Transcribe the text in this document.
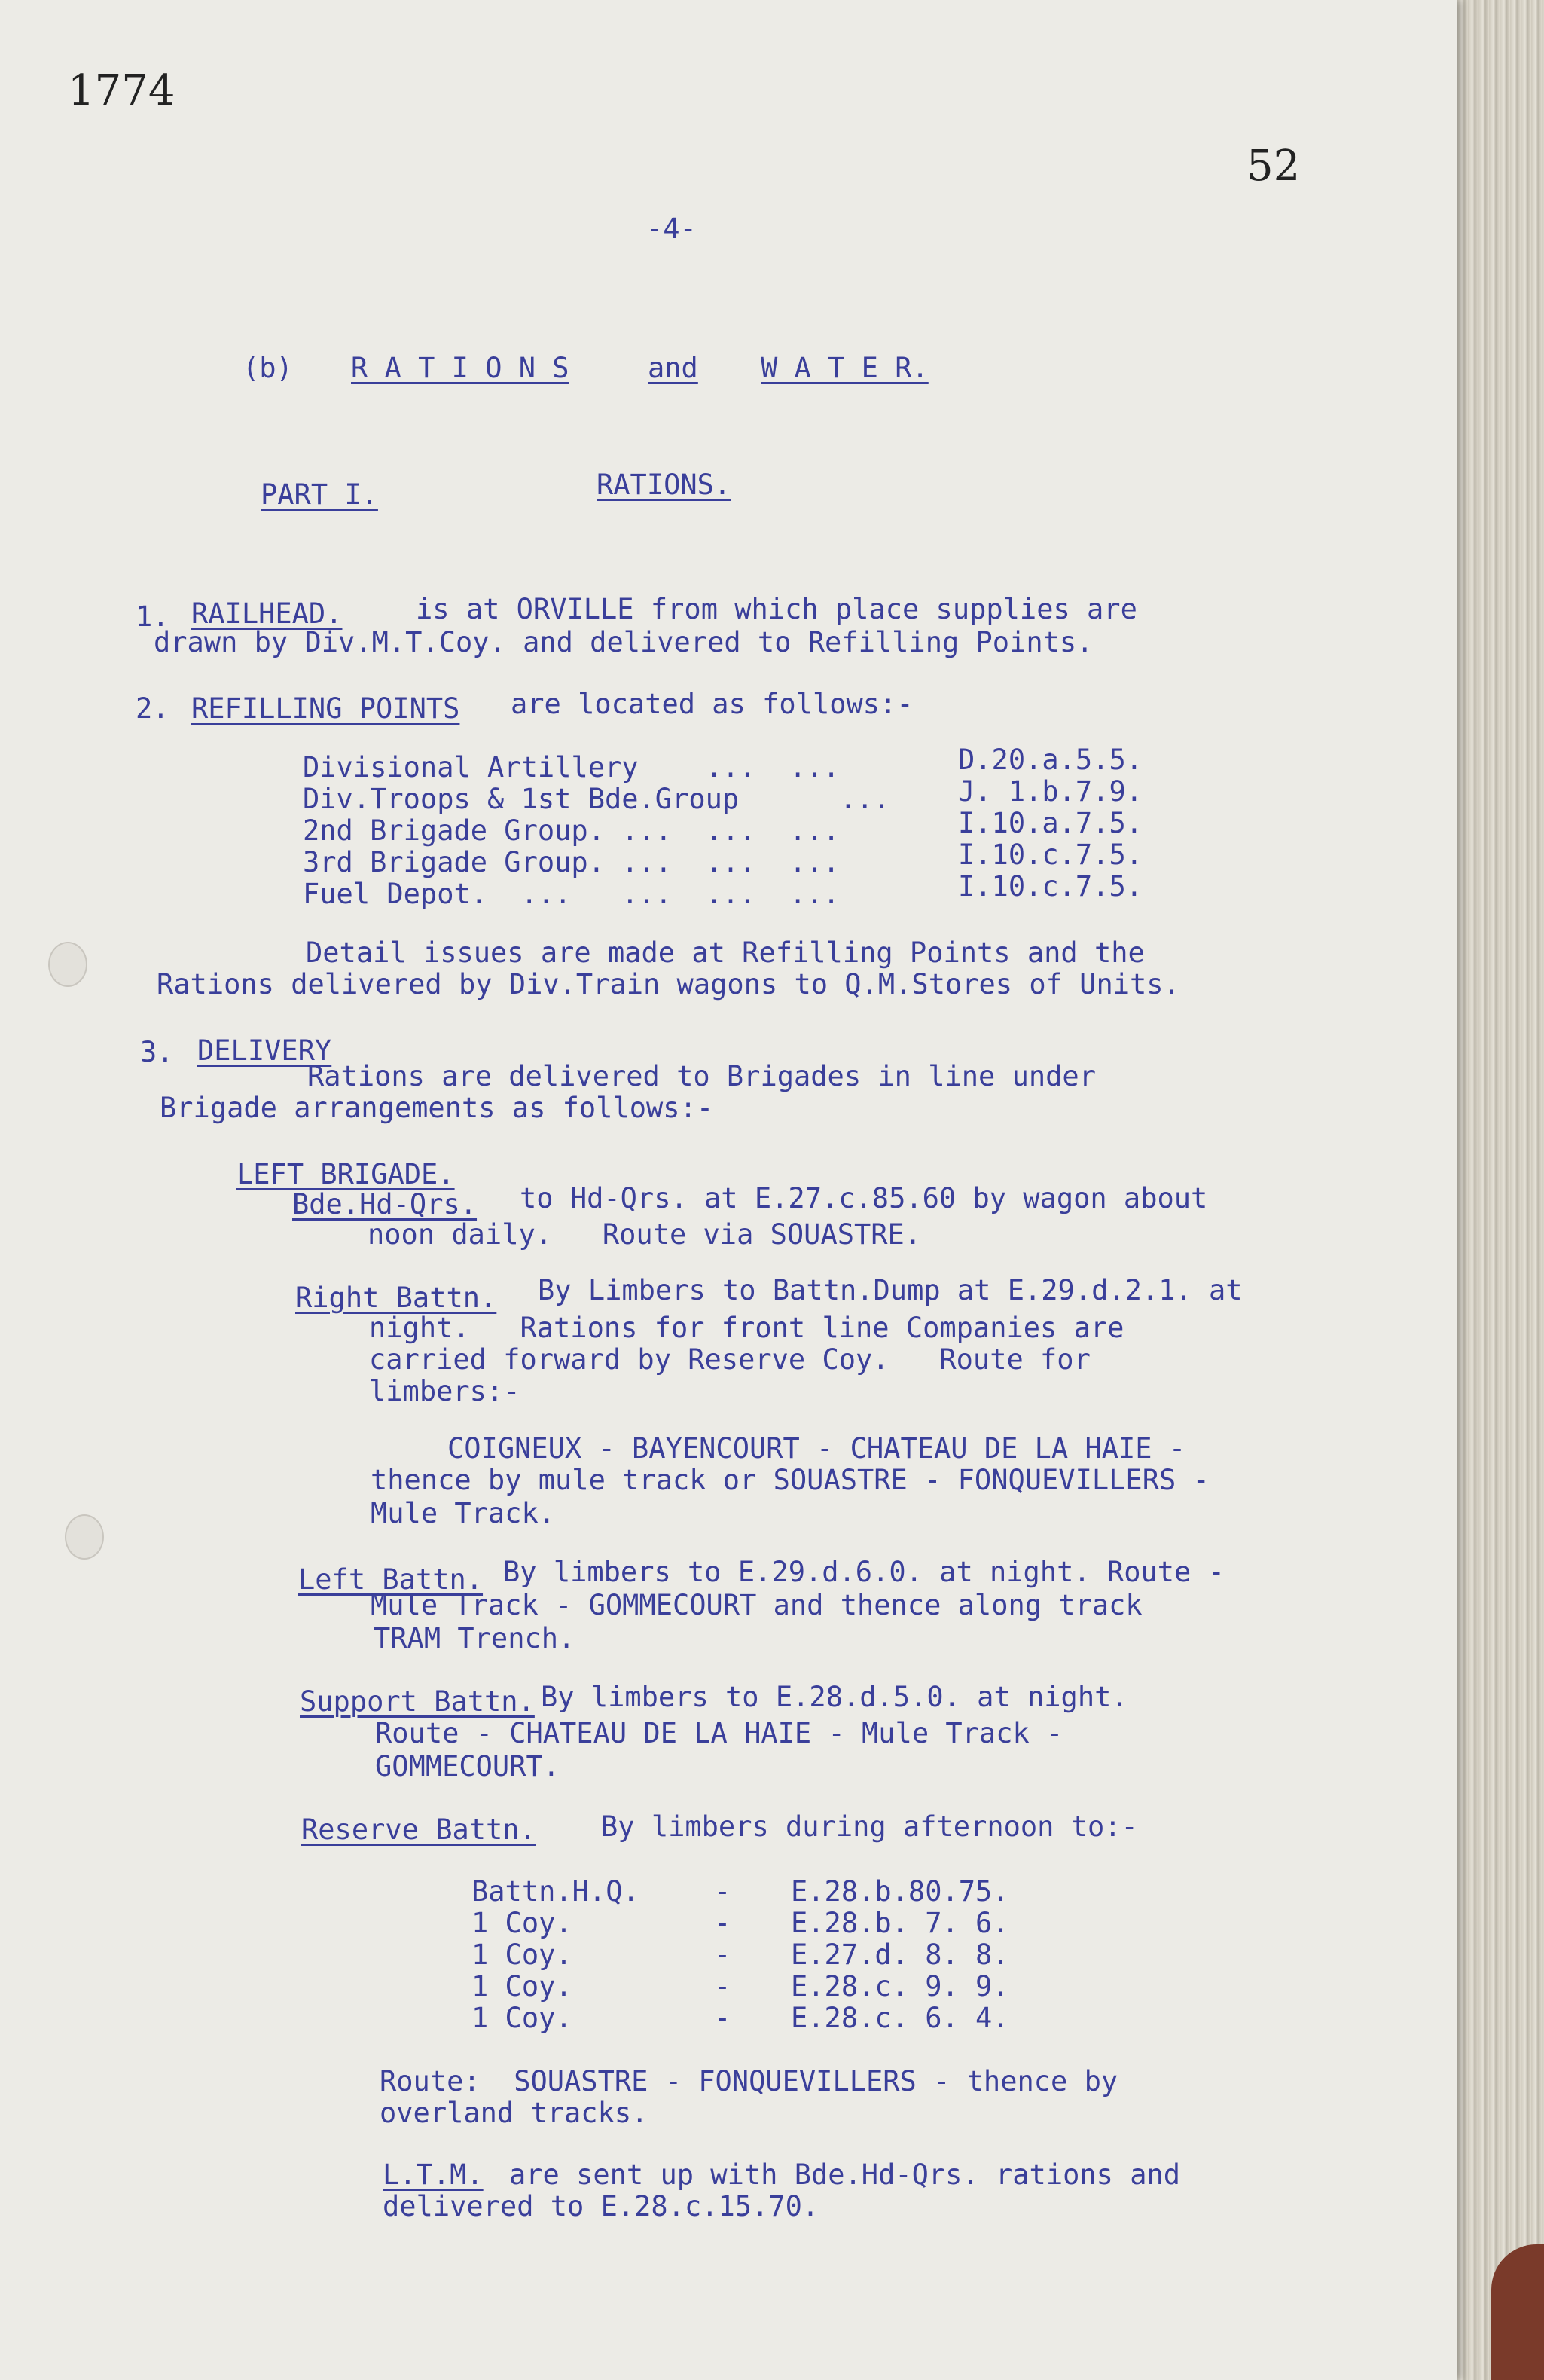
1774
52
-4-
(b) R A T I O N S	and W A T E R.
PART I.	RATIONS.
1. RAILHEAD.	is at ORVILLE from which place supplies are
drawn by Div.M.T.Coy. and delivered to Refilling Points.
2. REFILLING POINTS are located as follows:-
Divisional Artillery    ...  ...	D.20.a.5.5.
Div.Troops & 1st Bde.Group      ... J. 1.b.7.9.
2nd Brigade Group. ...  ...  ...	I.10.a.7.5.
3rd Brigade Group. ...  ...  ...	I.10.c.7.5.
Fuel Depot.  ...   ...  ...  ...	I.10.c.7.5.
Detail issues are made at Refilling Points and the
Rations delivered by Div.Train wagons to Q.M.Stores of Units.
3. DELIVERY
Rations are delivered to Brigades in line under
Brigade arrangements as follows:-
LEFT BRIGADE.
Bde.Hd-Qrs. to Hd-Qrs. at E.27.c.85.60 by wagon about
noon daily.   Route via SOUASTRE.
Right Battn. By Limbers to Battn.Dump at E.29.d.2.1. at
night.   Rations for front line Companies are
carried forward by Reserve Coy.   Route for
limbers:-
COIGNEUX - BAYENCOURT - CHATEAU DE LA HAIE -
thence by mule track or SOUASTRE - FONQUEVILLERS -
Mule Track.
Left Battn. By limbers to E.29.d.6.0. at night. Route -
Mule Track - GOMMECOURT and thence along track
TRAM Trench.
Support Battn. By limbers to E.28.d.5.0. at night.
Route - CHATEAU DE LA HAIE - Mule Track -
GOMMECOURT.
Reserve Battn. By limbers during afternoon to:-
Battn.H.Q.	- E.28.b.80.75.
1 Coy.	- E.28.b. 7. 6.
1 Coy.	- E.27.d. 8. 8.
1 Coy.	- E.28.c. 9. 9.
1 Coy.	- E.28.c. 6. 4.
Route:  SOUASTRE - FONQUEVILLERS - thence by
overland tracks.
L.T.M. are sent up with Bde.Hd-Qrs. rations and
delivered to E.28.c.15.70.
